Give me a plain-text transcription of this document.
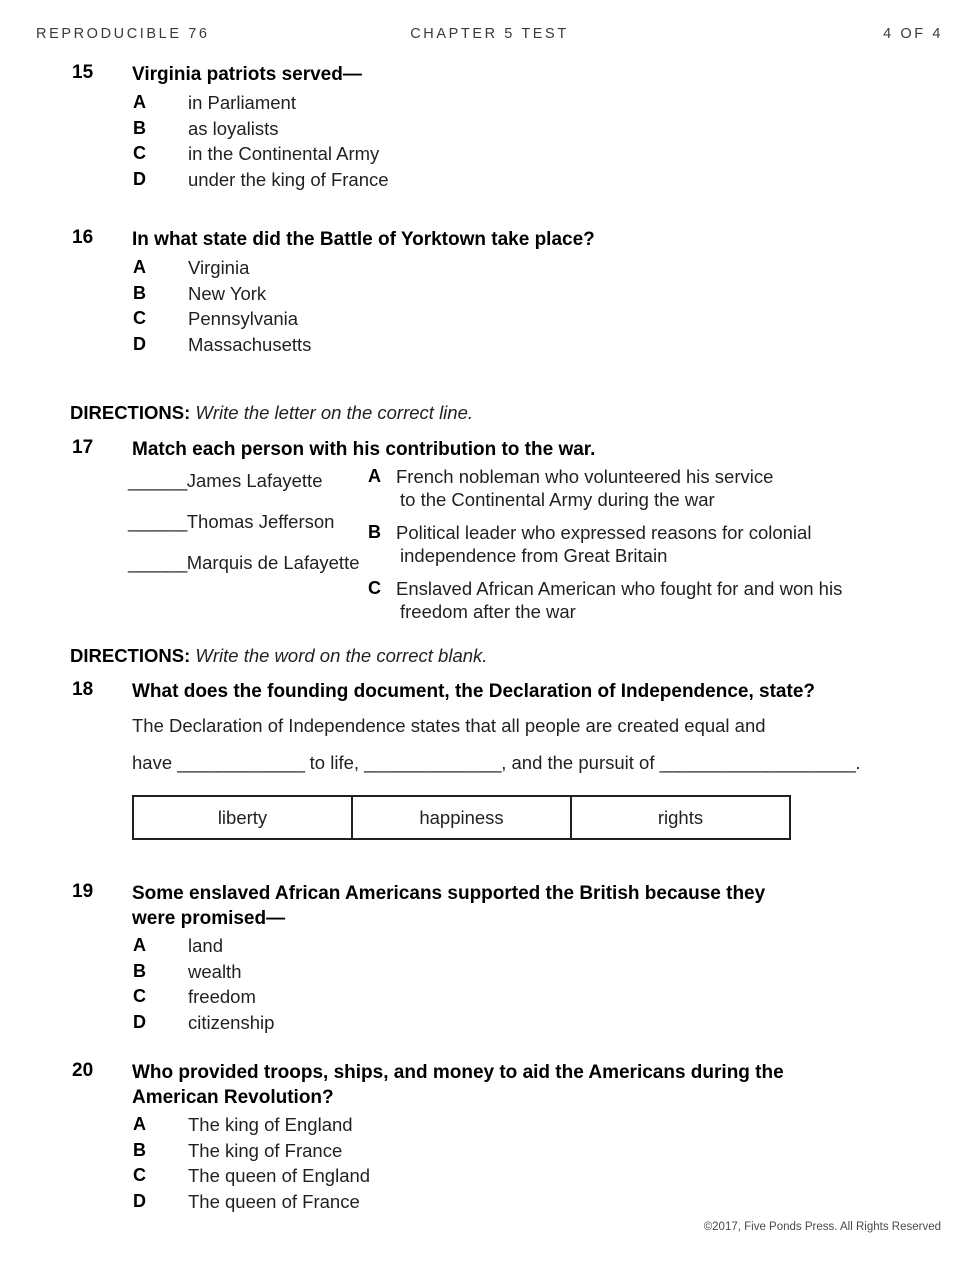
REPRODUCIBLE 76	CHAPTER 5 TEST	4 OF 4
15	Virginia patriots served—
A in Parliament
B as loyalists
C in the Continental Army
D under the king of France
16	In what state did the Battle of Yorktown take place?
A Virginia
B New York
C Pennsylvania
D Massachusetts
DIRECTIONS: Write the letter on the correct line.
17	Match each person with his contribution to the war.
______James Lafayette
______Thomas Jefferson
______Marquis de Lafayette
A French nobleman who volunteered his service
to the Continental Army during the war
B Political leader who expressed reasons for colonial
independence from Great Britain
C Enslaved African American who fought for and won his
freedom after the war
DIRECTIONS: Write the word on the correct blank.
18	What does the founding document, the Declaration of Independence, state?
The Declaration of Independence states that all people are created equal and
have _____________ to life, ______________, and the pursuit of ____________________.
liberty	happiness	rights
19	Some enslaved African Americans supported the British because they
were promised—
A land
B wealth
C freedom
D citizenship
20	Who provided troops, ships, and money to aid the Americans during the
American Revolution?
A The king of England
B The king of France
C The queen of England
D The queen of France
©2017, Five Ponds Press. All Rights Reserved
